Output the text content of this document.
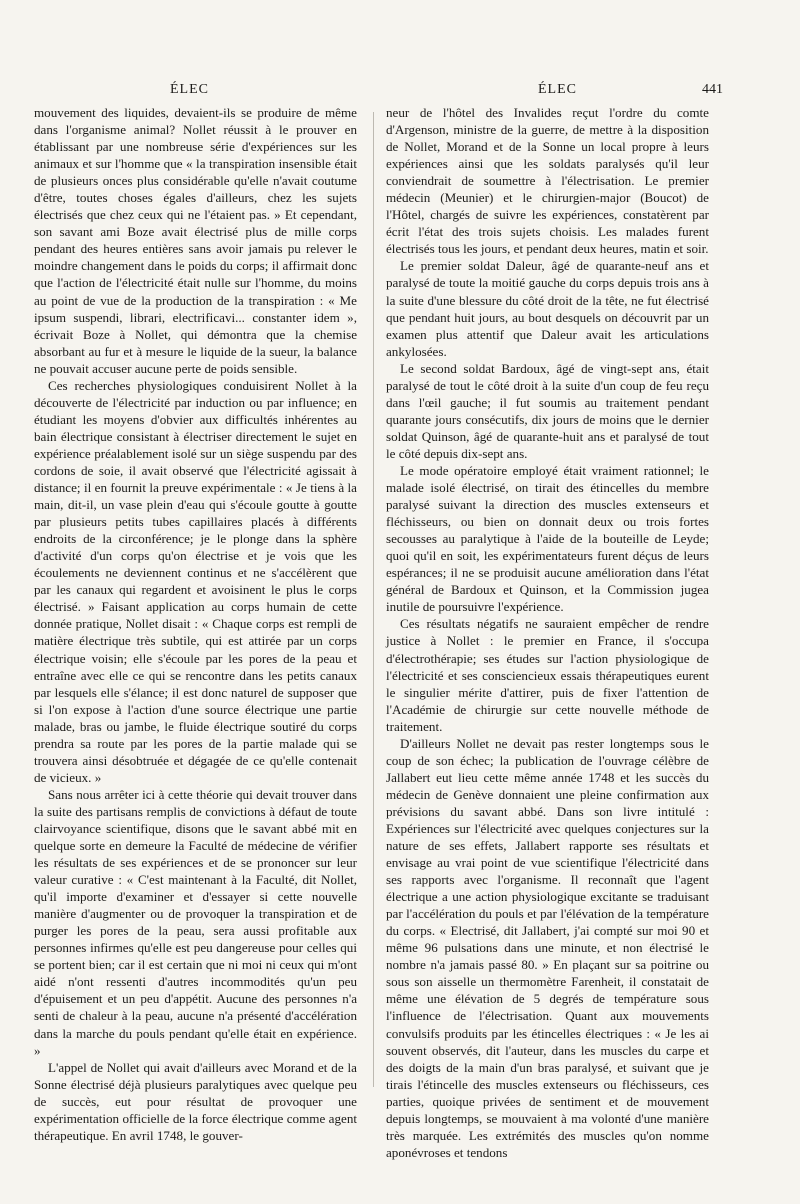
ÉLEC	ÉLEC	441

mouvement des liquides, devaient-ils se produire de même dans l'organisme animal? Nollet réussit à le prouver en établissant par une nombreuse série d'expériences sur les animaux et sur l'homme que « la transpiration insensible était de plusieurs onces plus considérable qu'elle n'avait coutume d'être, toutes choses égales d'ailleurs, chez les sujets électrisés que chez ceux qui ne l'étaient pas. » Et cependant, son savant ami Boze avait électrisé plus de mille corps pendant des heures entières sans avoir jamais pu relever le moindre changement dans le poids du corps; il affirmait donc que l'action de l'électricité était nulle sur l'homme, du moins au point de vue de la production de la transpiration : « Me ipsum suspendi, librari, electrificavi... constanter idem », écrivait Boze à Nollet, qui démontra que la chemise absorbant au fur et à mesure le liquide de la sueur, la balance ne pouvait accuser aucune perte de poids sensible.

Ces recherches physiologiques conduisirent Nollet à la découverte de l'électricité par induction ou par influence; en étudiant les moyens d'obvier aux difficultés inhérentes au bain électrique consistant à électriser directement le sujet en expérience préalablement isolé sur un siège suspendu par des cordons de soie, il avait observé que l'électricité agissait à distance; il en fournit la preuve expérimentale : « Je tiens à la main, dit-il, un vase plein d'eau qui s'écoule goutte à goutte par plusieurs petits tubes capillaires placés à différents endroits de la circonférence; je le plonge dans la sphère d'activité d'un corps qu'on électrise et je vois que les écoulements ne deviennent continus et ne s'accélèrent que par les canaux qui regardent et avoisinent le plus le corps électrisé. » Faisant application au corps humain de cette donnée pratique, Nollet disait : « Chaque corps est rempli de matière électrique très subtile, qui est attirée par un corps électrique voisin; elle s'écoule par les pores de la peau et entraîne avec elle ce qui se rencontre dans les petits canaux par lesquels elle s'élance; il est donc naturel de supposer que si l'on expose à l'action d'une source électrique une partie malade, bras ou jambe, le fluide électrique soutiré du corps prendra sa route par les pores de la partie malade qui se trouvera ainsi désobtruée et dégagée de ce qu'elle contenait de vicieux. »

Sans nous arrêter ici à cette théorie qui devait trouver dans la suite des partisans remplis de convictions à défaut de toute clairvoyance scientifique, disons que le savant abbé mit en quelque sorte en demeure la Faculté de médecine de vérifier les résultats de ses expériences et de se prononcer sur leur valeur curative : « C'est maintenant à la Faculté, dit Nollet, qu'il importe d'examiner et d'essayer si cette nouvelle manière d'augmenter ou de provoquer la transpiration et de purger les pores de la peau, sera aussi profitable aux personnes infirmes qu'elle est peu dangereuse pour celles qui se portent bien; car il est certain que ni moi ni ceux qui m'ont aidé n'ont ressenti d'autres incommodités qu'un peu d'épuisement et un peu d'appétit. Aucune des personnes n'a senti de chaleur à la peau, aucune n'a présenté d'accélération dans la marche du pouls pendant qu'elle était en expérience. »

L'appel de Nollet qui avait d'ailleurs avec Morand et de la Sonne électrisé déjà plusieurs paralytiques avec quelque peu de succès, eut pour résultat de provoquer une expérimentation officielle de la force électrique comme agent thérapeutique. En avril 1748, le gouver-

neur de l'hôtel des Invalides reçut l'ordre du comte d'Argenson, ministre de la guerre, de mettre à la disposition de Nollet, Morand et de la Sonne un local propre à leurs expériences ainsi que les soldats paralysés qu'il leur conviendrait de soumettre à l'électrisation. Le premier médecin (Meunier) et le chirurgien-major (Boucot) de l'Hôtel, chargés de suivre les expériences, constatèrent par écrit l'état des trois sujets choisis. Les malades furent électrisés tous les jours, et pendant deux heures, matin et soir.

Le premier soldat Daleur, âgé de quarante-neuf ans et paralysé de toute la moitié gauche du corps depuis trois ans à la suite d'une blessure du côté droit de la tête, ne fut électrisé que pendant huit jours, au bout desquels on découvrit par un examen plus attentif que Daleur avait les articulations ankylosées.

Le second soldat Bardoux, âgé de vingt-sept ans, était paralysé de tout le côté droit à la suite d'un coup de feu reçu dans l'œil gauche; il fut soumis au traitement pendant quarante jours consécutifs, dix jours de moins que le dernier soldat Quinson, âgé de quarante-huit ans et paralysé de tout le côté depuis dix-sept ans.

Le mode opératoire employé était vraiment rationnel; le malade isolé électrisé, on tirait des étincelles du membre paralysé suivant la direction des muscles extenseurs et fléchisseurs, ou bien on donnait deux ou trois fortes secousses au paralytique à l'aide de la bouteille de Leyde; quoi qu'il en soit, les expérimentateurs furent déçus de leurs espérances; il ne se produisit aucune amélioration dans l'état général de Bardoux et Quinson, et la Commission jugea inutile de poursuivre l'expérience.

Ces résultats négatifs ne sauraient empêcher de rendre justice à Nollet : le premier en France, il s'occupa d'électrothérapie; ses études sur l'action physiologique de l'électricité et ses consciencieux essais thérapeutiques eurent le singulier mérite d'attirer, puis de fixer l'attention de l'Académie de chirurgie sur cette nouvelle méthode de traitement.

D'ailleurs Nollet ne devait pas rester longtemps sous le coup de son échec; la publication de l'ouvrage célèbre de Jallabert eut lieu cette même année 1748 et les succès du médecin de Genève donnaient une pleine confirmation aux prévisions du savant abbé. Dans son livre intitulé : Expériences sur l'électricité avec quelques conjectures sur la nature de ses effets, Jallabert rapporte ses résultats et envisage au vrai point de vue scientifique l'électricité dans ses rapports avec l'organisme. Il reconnaît que l'agent électrique a une action physiologique excitante se traduisant par l'accélération du pouls et par l'élévation de la température du corps. « Electrisé, dit Jallabert, j'ai compté sur moi 90 et même 96 pulsations dans une minute, et non électrisé le nombre n'a jamais passé 80. » En plaçant sur sa poitrine ou sous son aisselle un thermomètre Farenheit, il constatait de même une élévation de 5 degrés de température sous l'influence de l'électrisation. Quant aux mouvements convulsifs produits par les étincelles électriques : « Je les ai souvent observés, dit l'auteur, dans les muscles du carpe et des doigts de la main d'un bras paralysé, et suivant que je tirais l'étincelle des muscles extenseurs ou fléchisseurs, ces parties, quoique privées de sentiment et de mouvement depuis longtemps, se mouvaient à ma volonté d'une manière très marquée. Les extrémités des muscles qu'on nomme aponévroses et tendons
